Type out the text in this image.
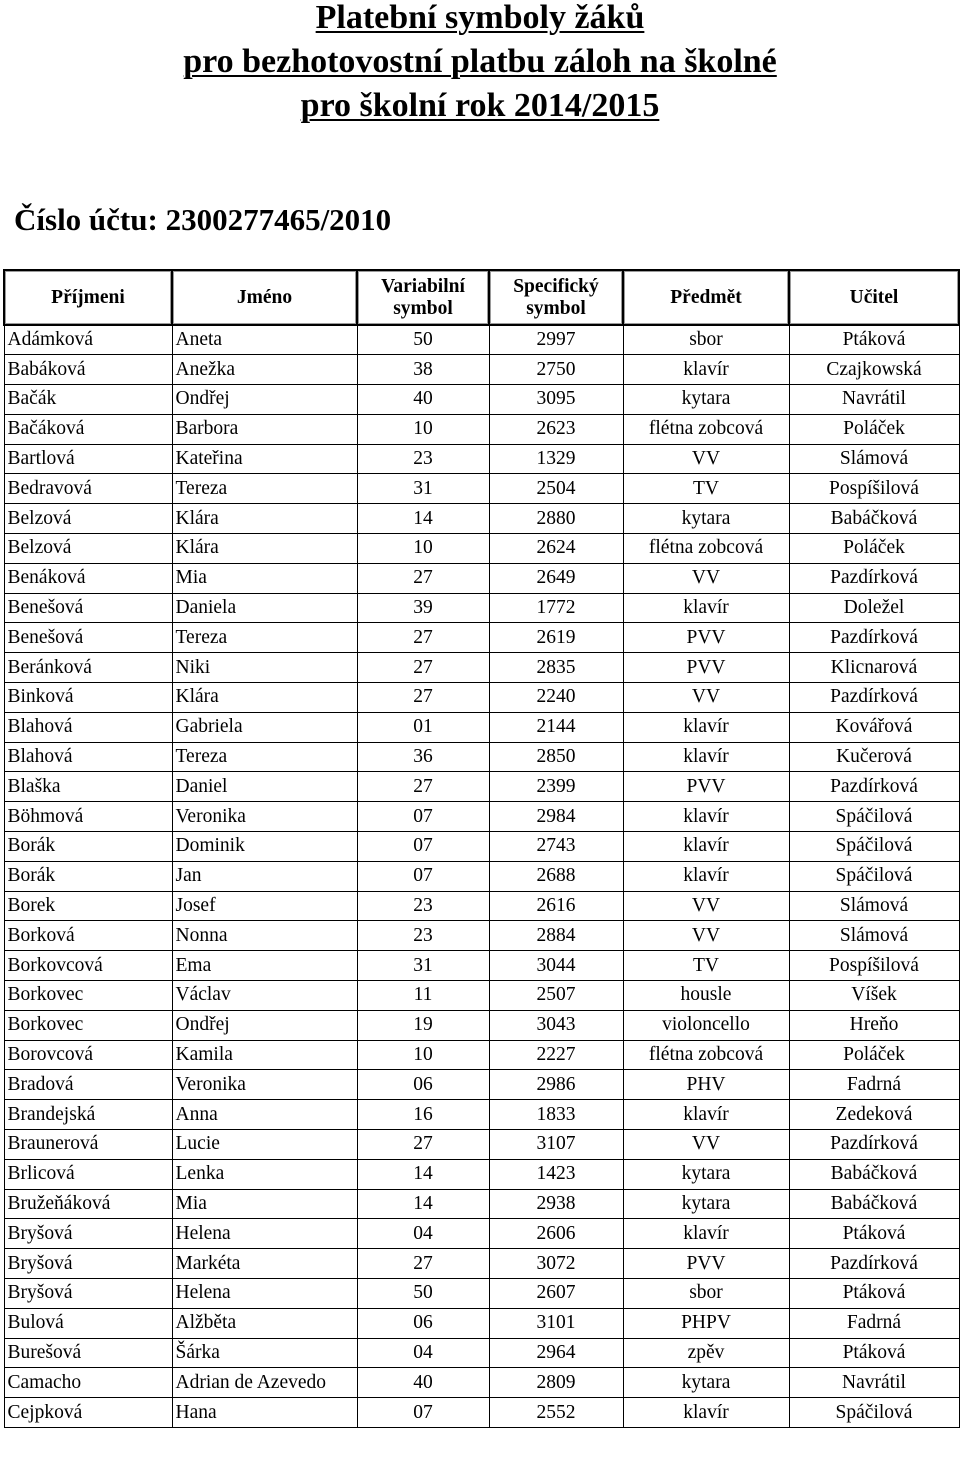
Platební symboly žáků
pro bezhotovostní platbu záloh na školné
pro školní rok 2014/2015
Číslo účtu: 2300277465/2010
Příjmeni	Jméno	Variabilní symbol	Specifický symbol	Předmět	Učitel
Adámková	Aneta	50	2997	sbor	Ptáková
Babáková	Anežka	38	2750	klavír	Czajkowská
Bačák	Ondřej	40	3095	kytara	Navrátil
Bačáková	Barbora	10	2623	flétna zobcová	Poláček
Bartlová	Kateřina	23	1329	VV	Slámová
Bedravová	Tereza	31	2504	TV	Pospíšilová
Belzová	Klára	14	2880	kytara	Babáčková
Belzová	Klára	10	2624	flétna zobcová	Poláček
Benáková	Mia	27	2649	VV	Pazdírková
Benešová	Daniela	39	1772	klavír	Doležel
Benešová	Tereza	27	2619	PVV	Pazdírková
Beránková	Niki	27	2835	PVV	Klicnarová
Binková	Klára	27	2240	VV	Pazdírková
Blahová	Gabriela	01	2144	klavír	Kovářová
Blahová	Tereza	36	2850	klavír	Kučerová
Blaška	Daniel	27	2399	PVV	Pazdírková
Böhmová	Veronika	07	2984	klavír	Spáčilová
Borák	Dominik	07	2743	klavír	Spáčilová
Borák	Jan	07	2688	klavír	Spáčilová
Borek	Josef	23	2616	VV	Slámová
Borková	Nonna	23	2884	VV	Slámová
Borkovcová	Ema	31	3044	TV	Pospíšilová
Borkovec	Václav	11	2507	housle	Víšek
Borkovec	Ondřej	19	3043	violoncello	Hreňo
Borovcová	Kamila	10	2227	flétna zobcová	Poláček
Bradová	Veronika	06	2986	PHV	Fadrná
Brandejská	Anna	16	1833	klavír	Zedeková
Braunerová	Lucie	27	3107	VV	Pazdírková
Brlicová	Lenka	14	1423	kytara	Babáčková
Bružeňáková	Mia	14	2938	kytara	Babáčková
Bryšová	Helena	04	2606	klavír	Ptáková
Bryšová	Markéta	27	3072	PVV	Pazdírková
Bryšová	Helena	50	2607	sbor	Ptáková
Bulová	Alžběta	06	3101	PHPV	Fadrná
Burešová	Šárka	04	2964	zpěv	Ptáková
Camacho	Adrian de Azevedo	40	2809	kytara	Navrátil
Cejpková	Hana	07	2552	klavír	Spáčilová
